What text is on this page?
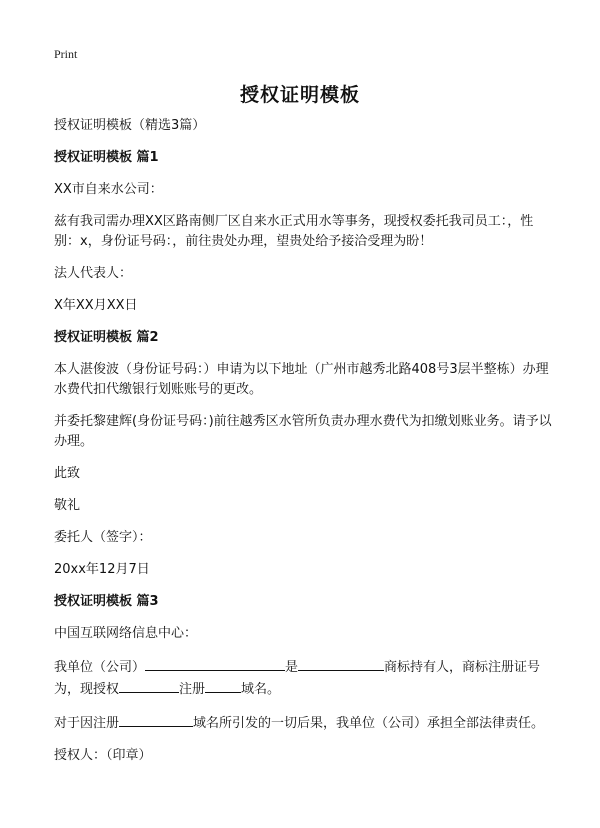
Print
授权证明模板

授权证明模板（精选3篇）

授权证明模板 篇1

XX市自来水公司：

兹有我司需办理XX区路南侧厂区自来水正式用水等事务，现授权委托我司员工：，性别：x，身份证号码：，前往贵处办理，望贵处给予接洽受理为盼！

法人代表人：

X年XX月XX日

授权证明模板 篇2

本人湛俊波（身份证号码：）申请为以下地址（广州市越秀北路408号3层半整栋）办理水费代扣代缴银行划账账号的更改。

并委托黎建辉(身份证号码：)前往越秀区水管所负责办理水费代为扣缴划账业务。请予以办理。

此致

敬礼

委托人（签字）：

20xx年12月7日

授权证明模板 篇3

中国互联网络信息中心：

我单位（公司）	是	商标持有人，商标注册证号为，现授权	注册	域名。

对于因注册	域名所引发的一切后果，我单位（公司）承担全部法律责任。

授权人：（印章）
